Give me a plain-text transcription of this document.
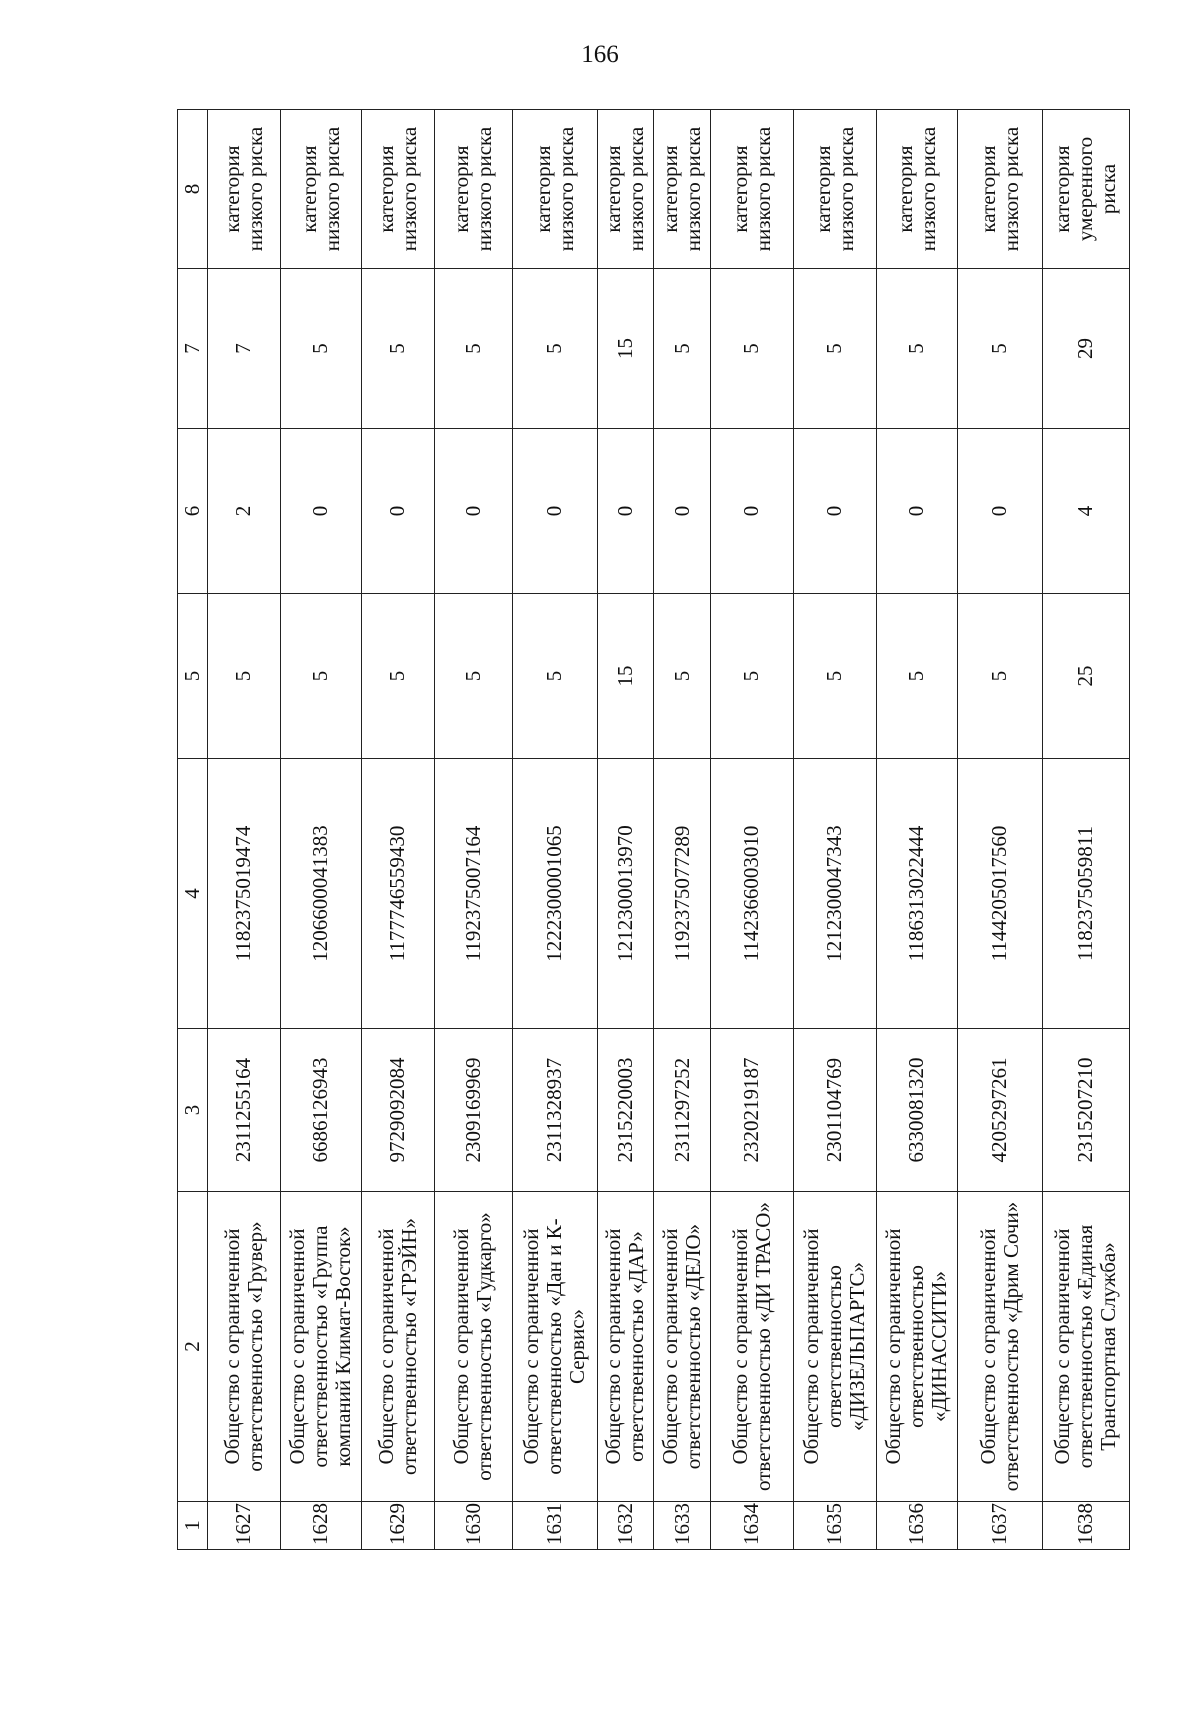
166
1	2	3	4	5	6	7	8
1627	Общество с ограниченной ответственностью «Грувер»	2311255164	1182375019474	5	2	7	категория низкого риска
1628	Общество с ограниченной ответственностью «Группа компаний Климат-Восток»	6686126943	1206600041383	5	0	5	категория низкого риска
1629	Общество с ограниченной ответственностью «ГРЭЙН»	9729092084	1177746559430	5	0	5	категория низкого риска
1630	Общество с ограниченной ответственностью «Гудкарго»	2309169969	1192375007164	5	0	5	категория низкого риска
1631	Общество с ограниченной ответственностью «Дан и К-Сервис»	2311328937	1222300001065	5	0	5	категория низкого риска
1632	Общество с ограниченной ответственностью «ДАР»	2315220003	1212300013970	15	0	15	категория низкого риска
1633	Общество с ограниченной ответственностью «ДЕЛО»	2311297252	1192375077289	5	0	5	категория низкого риска
1634	Общество с ограниченной ответственностью «ДИ ТРАСО»	2320219187	1142366003010	5	0	5	категория низкого риска
1635	Общество с ограниченной ответственностью «ДИЗЕЛЬПАРТС»	2301104769	1212300047343	5	0	5	категория низкого риска
1636	Общество с ограниченной ответственностью «ДИНАССИТИ»	6330081320	1186313022444	5	0	5	категория низкого риска
1637	Общество с ограниченной ответственностью «Дрим Сочи»	4205297261	1144205017560	5	0	5	категория низкого риска
1638	Общество с ограниченной ответственностью «Единая Транспортная Служба»	2315207210	1182375059811	25	4	29	категория умеренного риска
